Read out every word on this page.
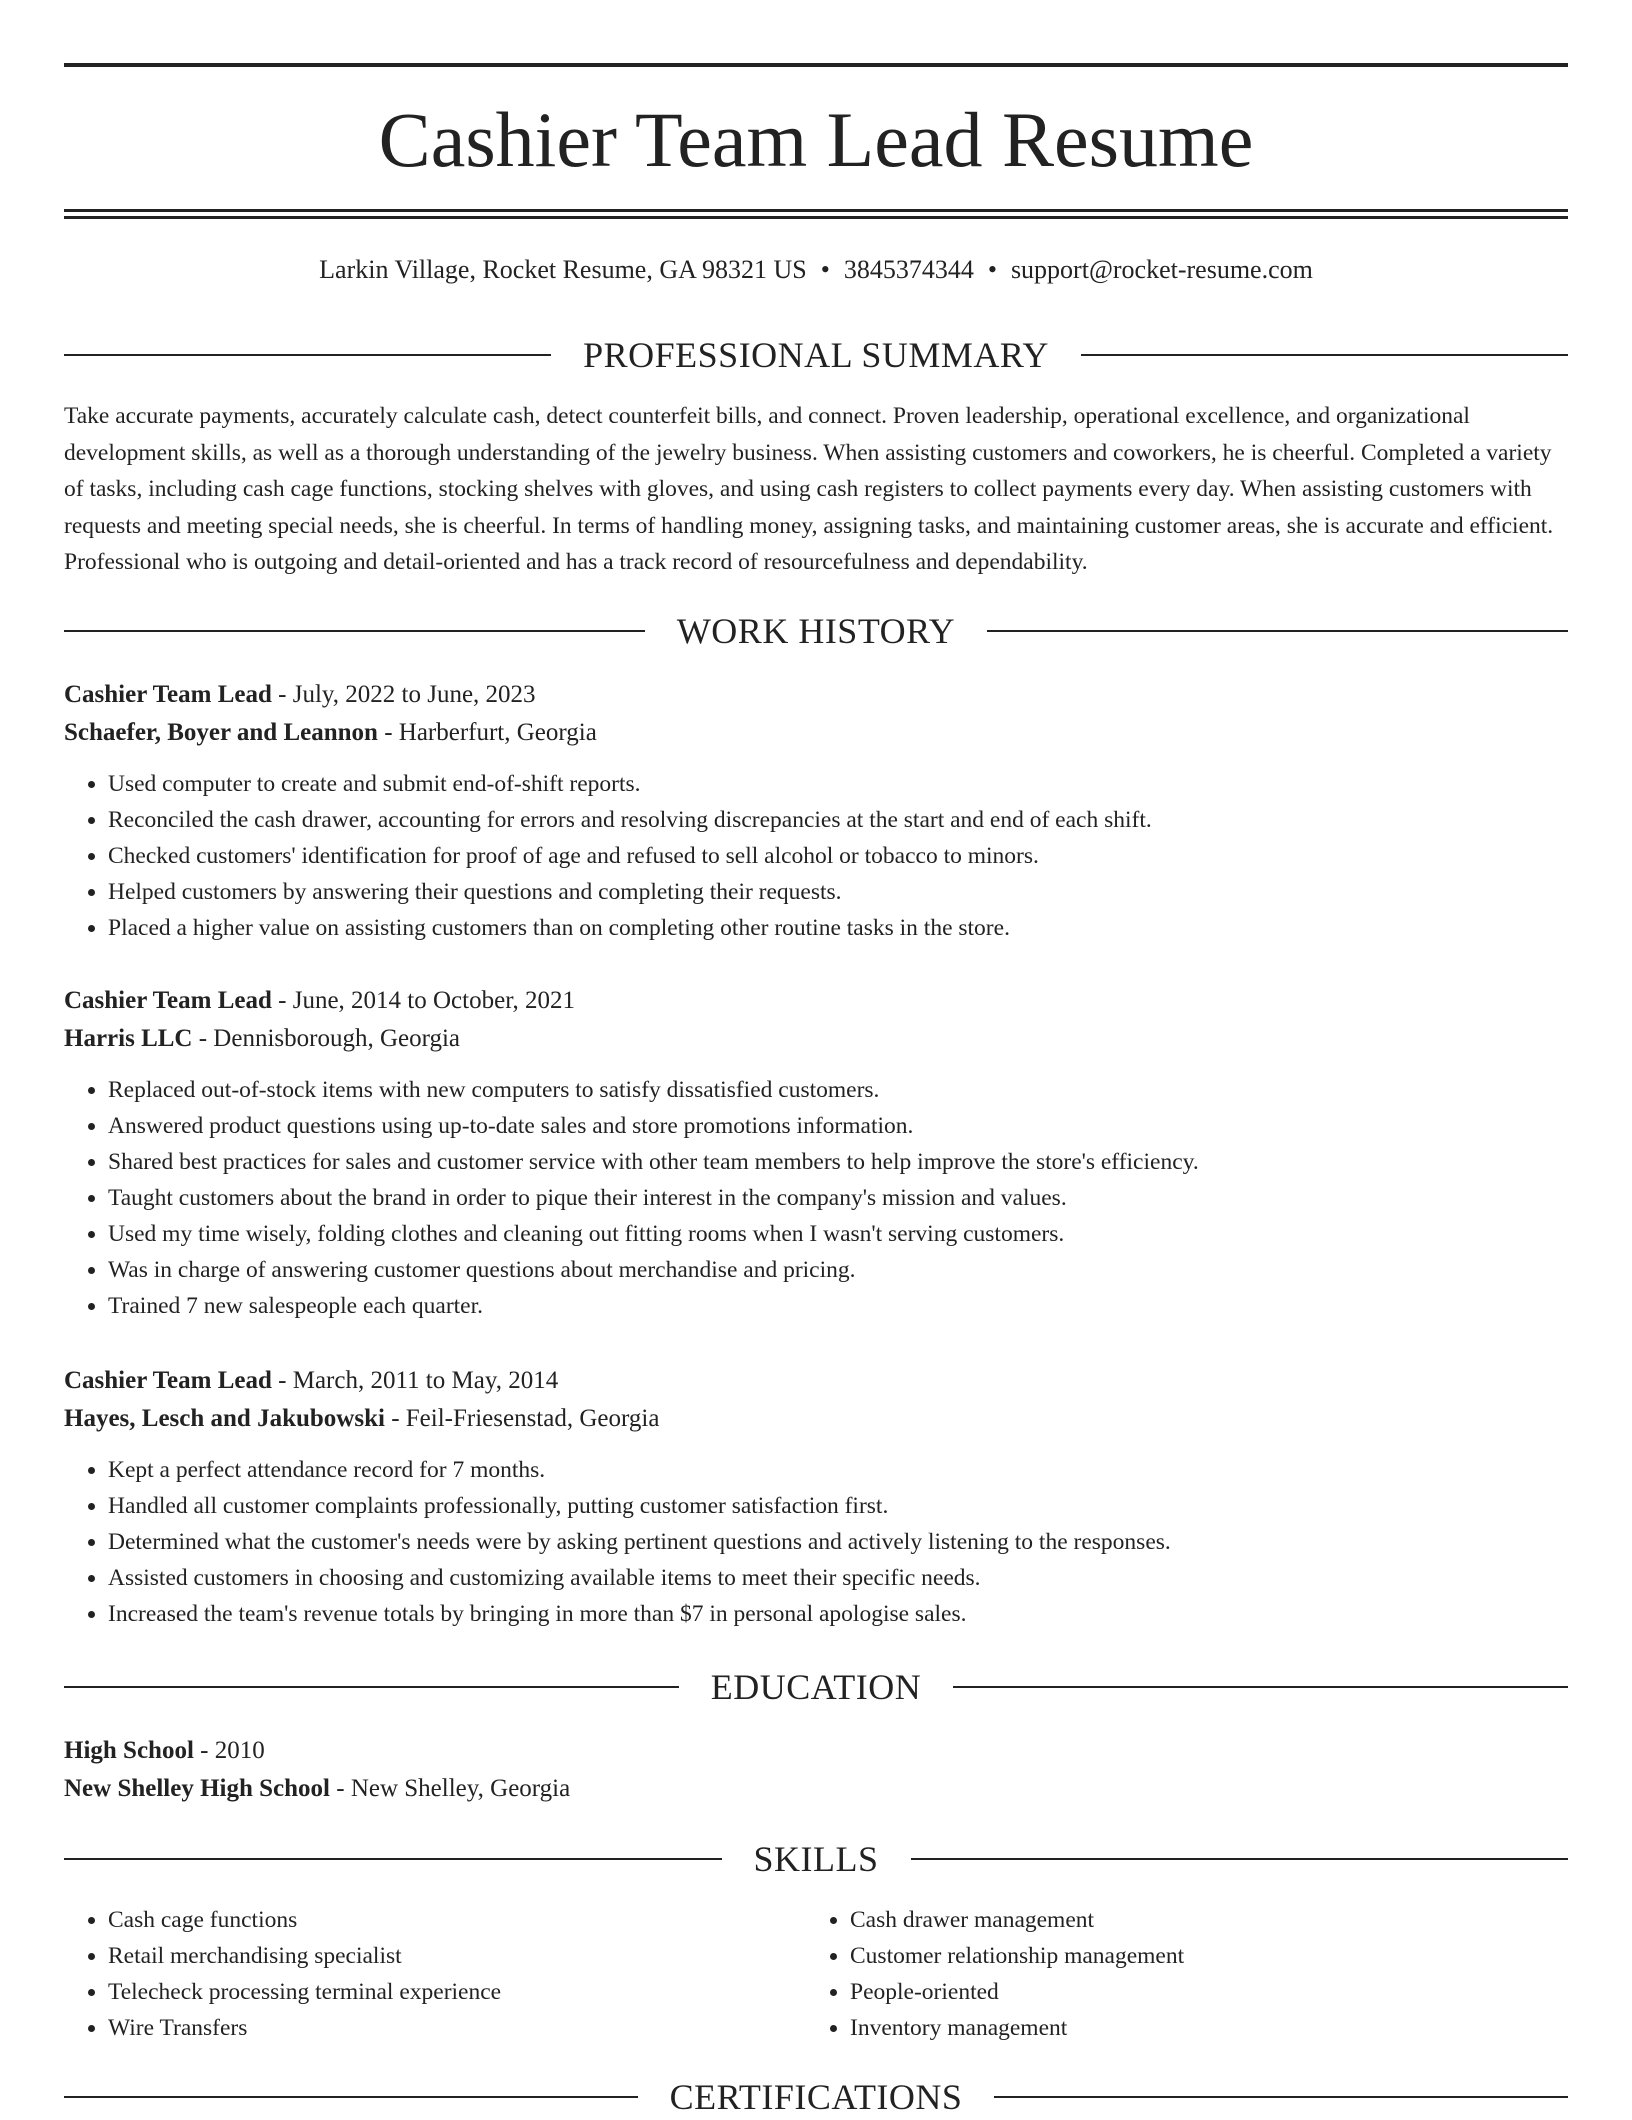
Cashier Team Lead Resume
Larkin Village, Rocket Resume, GA 98321 US • 3845374344 • support@rocket-resume.com
PROFESSIONAL SUMMARY

Take accurate payments, accurately calculate cash, detect counterfeit bills, and connect. Proven leadership, operational excellence, and organizational development skills, as well as a thorough understanding of the jewelry business. When assisting customers and coworkers, he is cheerful. Completed a variety of tasks, including cash cage functions, stocking shelves with gloves, and using cash registers to collect payments every day. When assisting customers with requests and meeting special needs, she is cheerful. In terms of handling money, assigning tasks, and maintaining customer areas, she is accurate and efficient. Professional who is outgoing and detail-oriented and has a track record of resourcefulness and dependability.

WORK HISTORY
Cashier Team Lead - July, 2022 to June, 2023
Schaefer, Boyer and Leannon - Harberfurt, Georgia
• Used computer to create and submit end-of-shift reports.
• Reconciled the cash drawer, accounting for errors and resolving discrepancies at the start and end of each shift.
• Checked customers' identification for proof of age and refused to sell alcohol or tobacco to minors.
• Helped customers by answering their questions and completing their requests.
• Placed a higher value on assisting customers than on completing other routine tasks in the store.
Cashier Team Lead - June, 2014 to October, 2021
Harris LLC - Dennisborough, Georgia
• Replaced out-of-stock items with new computers to satisfy dissatisfied customers.
• Answered product questions using up-to-date sales and store promotions information.
• Shared best practices for sales and customer service with other team members to help improve the store's efficiency.
• Taught customers about the brand in order to pique their interest in the company's mission and values.
• Used my time wisely, folding clothes and cleaning out fitting rooms when I wasn't serving customers.
• Was in charge of answering customer questions about merchandise and pricing.
• Trained 7 new salespeople each quarter.
Cashier Team Lead - March, 2011 to May, 2014
Hayes, Lesch and Jakubowski - Feil-Friesenstad, Georgia
• Kept a perfect attendance record for 7 months.
• Handled all customer complaints professionally, putting customer satisfaction first.
• Determined what the customer's needs were by asking pertinent questions and actively listening to the responses.
• Assisted customers in choosing and customizing available items to meet their specific needs.
• Increased the team's revenue totals by bringing in more than $7 in personal apologise sales.
EDUCATION
High School - 2010
New Shelley High School - New Shelley, Georgia
SKILLS
• Cash cage functions
• Retail merchandising specialist
• Telecheck processing terminal experience
• Wire Transfers
• Cash drawer management
• Customer relationship management
• People-oriented
• Inventory management
CERTIFICATIONS
